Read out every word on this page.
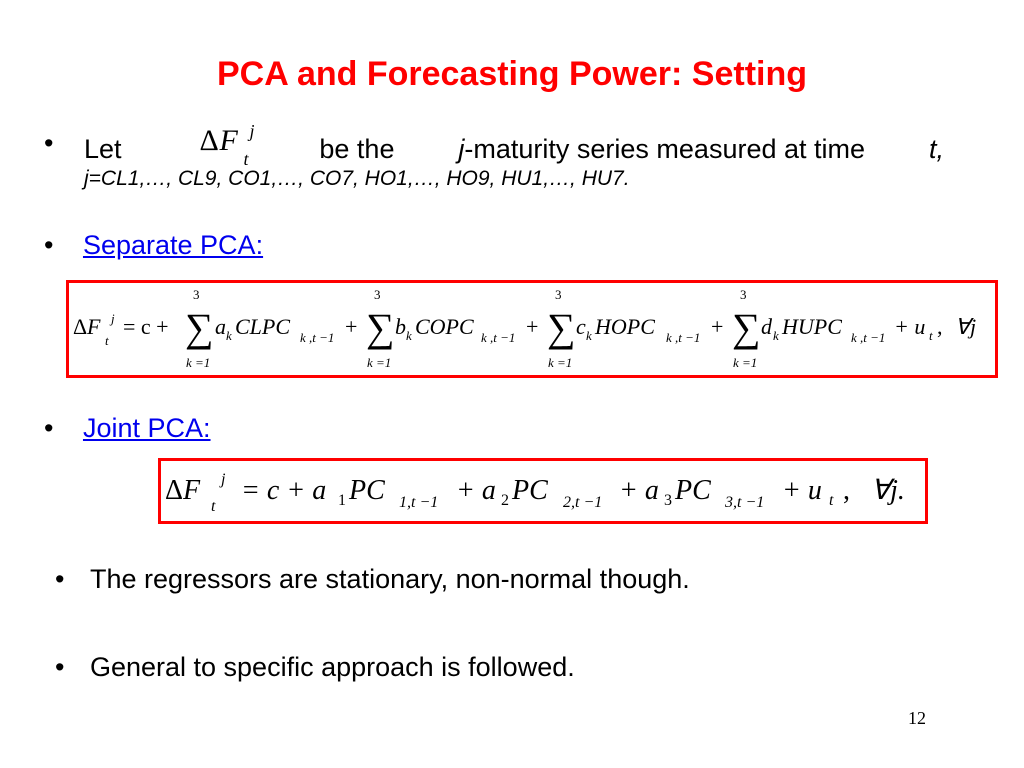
PCA and Forecasting Power: Setting
• Let	Δ F j
t	be the j-maturity series measured at time t,
j=CL1,…, CL9, CO1,…, CO7, HO1,…, HO9, HU1,…, HU7.
• Separate PCA:
Δ F j
t
= c +
3
∑
k =1
a k CLPC k ,t −1 +
3
∑
k =1
b k COPC k ,t −1 +
3
∑
k =1
c k HOPC k ,t −1 +
3
∑
k =1
d k HUPC k ,t −1 + u t , ∀j
• Joint PCA:
Δ F j
t
= c + a 1 PC 1,t −1 + a 2 PC 2,t −1 + a 3 PC 3,t −1 + u t , ∀j.
• The regressors are stationary, non-normal though.
• General to specific approach is followed.
12
